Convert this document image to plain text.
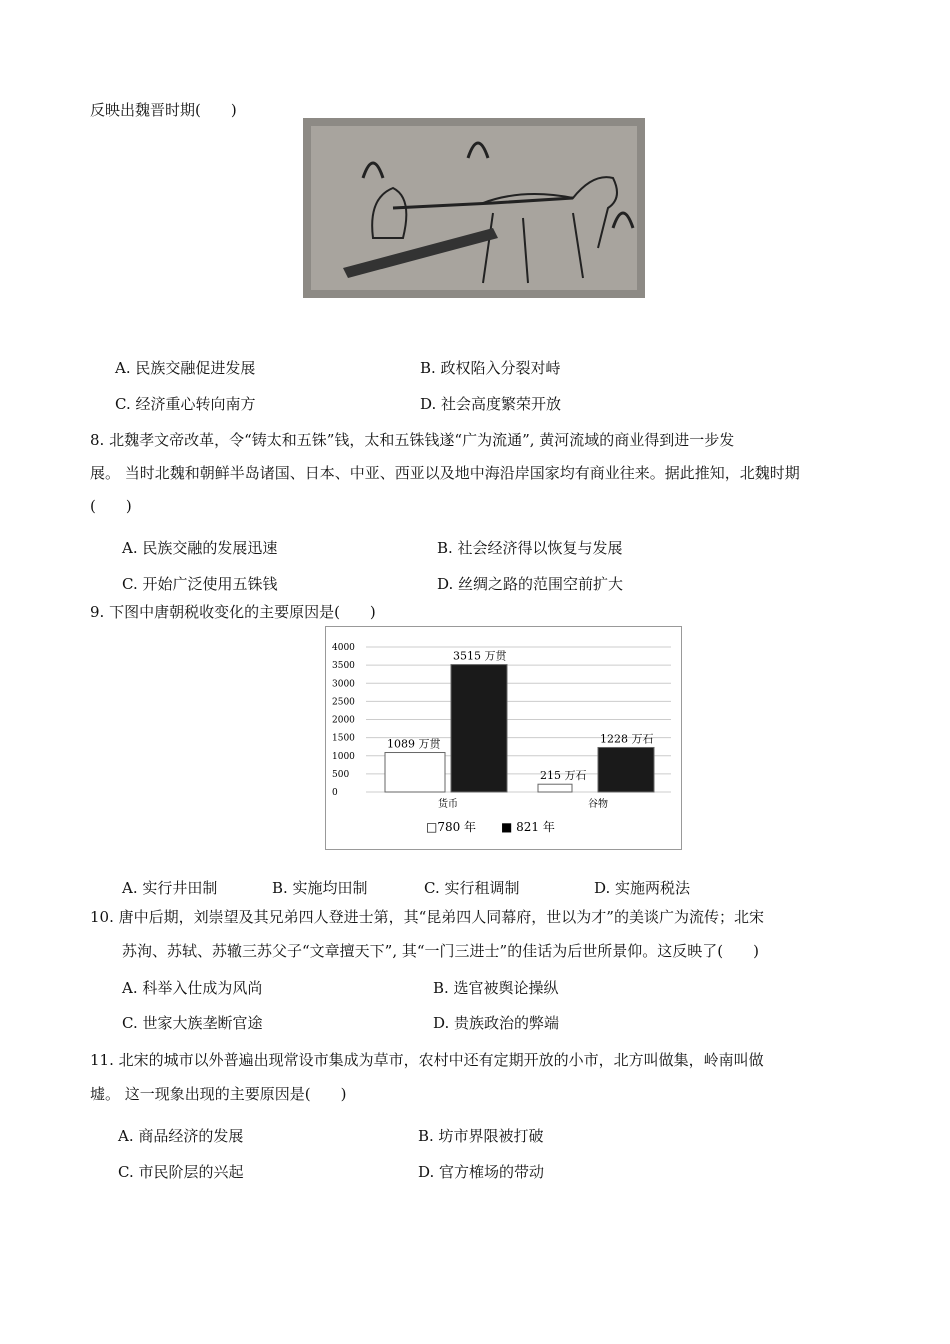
反映出魏晋时期(　　)
A. 民族交融促进发展	B. 政权陷入分裂对峙
C. 经济重心转向南方	D. 社会高度繁荣开放
8. 北魏孝文帝改革，令“铸太和五铢”钱，太和五铢钱遂“广为流通”, 黄河流域的商业得到进一步发
展。 当时北魏和朝鲜半岛诸国、日本、中亚、西亚以及地中海沿岸国家均有商业往来。据此推知，北魏时期
(　　)
A. 民族交融的发展迅速	B. 社会经济得以恢复与发展
C. 开始广泛使用五铢钱	D. 丝绸之路的范围空前扩大
9. 下图中唐朝税收变化的主要原因是(　　)
0
500
1000
1500
2000
2500
3000
3500
4000
1089 万贯
3515 万贯
215 万石
1228 万石
货币	谷物
□780 年 ■ 821 年
A. 实行井田制	B. 实施均田制	C. 实行租调制	D. 实施两税法
10. 唐中后期，刘崇望及其兄弟四人登进士第，其“昆弟四人同幕府，世以为才”的美谈广为流传；北宋
苏洵、苏轼、苏辙三苏父子“文章擅天下”, 其“一门三进士”的佳话为后世所景仰。这反映了(　　)
A. 科举入仕成为风尚	B. 选官被舆论操纵
C. 世家大族垄断官途	D. 贵族政治的弊端
11. 北宋的城市以外普遍出现常设市集成为草市，农村中还有定期开放的小市，北方叫做集，岭南叫做
墟。 这一现象出现的主要原因是(　　)
A. 商品经济的发展	B. 坊市界限被打破
C. 市民阶层的兴起	D. 官方榷场的带动
